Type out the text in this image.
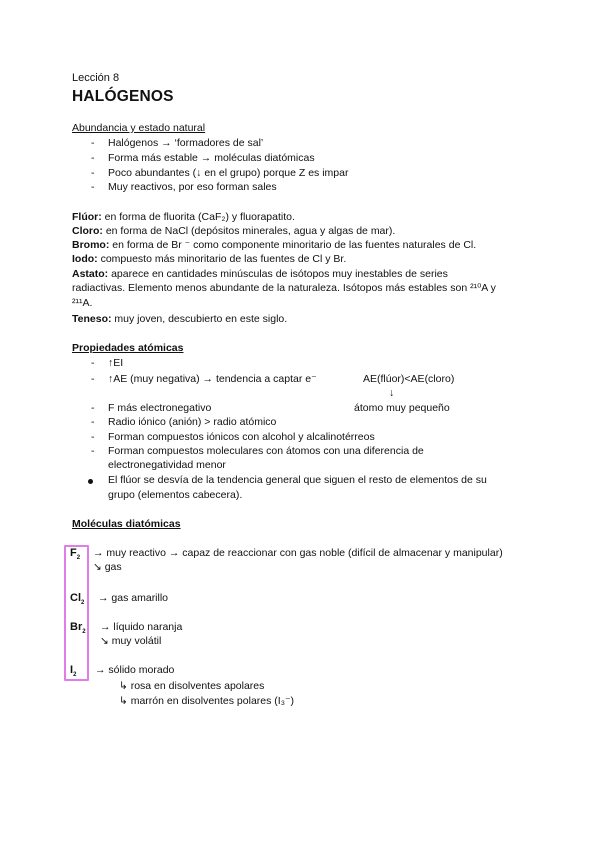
Lección 8
HALÓGENOS
Abundancia y estado natural
- Halógenos → ‘formadores de sal’
- Forma más estable → moléculas diatómicas
- Poco abundantes (↓ en el grupo) porque Z es impar
- Muy reactivos, por eso forman sales
Flúor: en forma de fluorita (CaF₂) y fluorapatito.
Cloro: en forma de NaCl (depósitos minerales, agua y algas de mar).
Bromo: en forma de Br ⁻ como componente minoritario de las fuentes naturales de Cl.
Iodo: compuesto más minoritario de las fuentes de Cl y Br.
Astato: aparece en cantidades minúsculas de isótopos muy inestables de series
radiactivas. Elemento menos abundante de la naturaleza. Isótopos más estables son ²¹⁰A y
²¹¹A.
Teneso: muy joven, descubierto en este siglo.
Propiedades atómicas
- ↑EI
- ↑AE (muy negativa) → tendencia a captar e⁻	AE(flúor)<AE(cloro)
↓
- F más electronegativo	átomo muy pequeño
- Radio iónico (anión) > radio atómico
- Forman compuestos iónicos con alcohol y alcalinotérreos
- Forman compuestos moleculares con átomos con una diferencia de
electronegatividad menor
El flúor se desvía de la tendencia general que siguen el resto de elementos de su
grupo (elementos cabecera).
Moléculas diatómicas
$F_2$ → muy reactivo → capaz de reaccionar con gas noble (difícil de almacenar y manipular)
↘ gas
$Cl_2$ → gas amarillo
$Br_2$ → líquido naranja
↘ muy volátil
$I_2$ → sólido morado
↳ rosa en disolventes apolares
↳ marrón en disolventes polares (I₃⁻)
